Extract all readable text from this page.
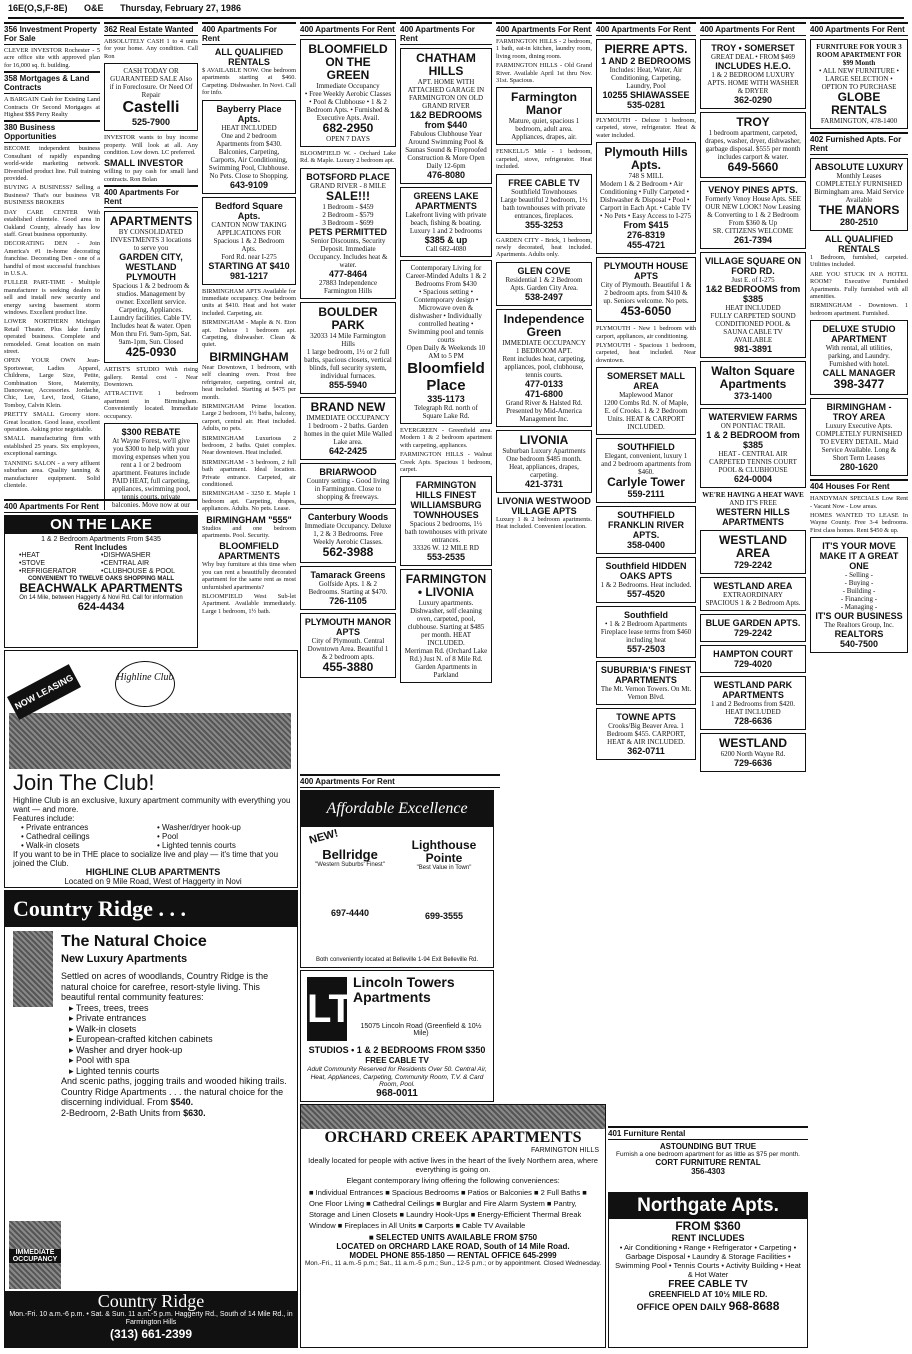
16E(O,S,F-8E) O&E Thursday, February 27, 1986
356 Investment Property For Sale

CLEVER INVESTOR Rochester - 5 acre office site with approved plan for 16,000 sq. ft. building.

358 Mortgages & Land Contracts

A BARGAIN Cash for Existing Land Contracts Or Second Mortgages at Highest $$$ Perry Realty

380 Business Opportunities

BECOME independent business Consultant of rapidly expanding world-wide marketing network. Diversified product line. Full training provided.

BUYING A BUSINESS? Selling a Business? That's our business VR BUSINESS BROKERS

DAY CARE CENTER With established clientele. Good area in Oakland County, already has low staff. Great business opportunity.

DECORATING DEN - Join America's #1 in-home decorating franchise. Decorating Den - one of a handful of most successful franchises in U.S.A.

FULLER PART-TIME - Multiple manufacturer is seeking dealers to sell and install new security and energy saving basement storm windows. Excellent product line.

LOWER NORTHERN Michigan Retail Theater. Plus lake family operated business. Complete and remodeled. Great location on main street.

OPEN YOUR OWN Jean-Sportswear, Ladies Apparel, Childrens, Large Size, Petite, Combination Store, Maternity, Dancewear, Accessories. Jordache, Chic, Lee, Levi, Izod, Gitano, Tomboy, Calvin Klein.

PRETTY SMALL Grocery store. Great location. Good lease, excellent operation. Asking price negotiable.

SMALL manufacturing firm with established 25 years. Six employees, exceptional earnings.

TANNING SALON - a very affluent suburban area. Quality tanning & manufacturer equipment. Solid clientele.

362 Real Estate Wanted

ABSOLUTELY CASH 1 to 4 units for your home. Any condition. Call Ron

CASH TODAY OR GUARANTEED SALE Also if in Foreclosure. Or Need Of Repair
Castelli
525-7900

INVESTOR wants to buy income property. Will look at all. Any condition. Low down. LC preferred.

SMALL INVESTOR

willing to pay cash for small land contracts. Ron Bolan

400 Apartments For Rent
APARTMENTS
BY CONSOLIDATED INVESTMENTS 3 locations to serve you
GARDEN CITY, WESTLAND PLYMOUTH
Spacious 1 & 2 bedroom & studios. Management by owner. Excellent service. Carpeting, Appliances. Laundry facilities. Cable TV. Includes heat & water. Open Mon thru Fri. 9am-5pm, Sat. 9am-1pm, Sun. Closed
425-0930

ARTIST'S STUDIO With rising gallery. Rental cost - Near Downtown.

ATTRACTIVE 1 bedroom apartment in Birmingham. Conveniently located. Immediate occupancy.

$300 REBATE
At Wayne Forest, we'll give you $300 to help with your moving expenses when you rent a 1 or 2 bedroom apartment. Features include PAID HEAT, full carpeting, appliances, swimming pool, tennis courts, private balconies. Move now at our
400 Apartments For Rent
ALL QUALIFIED RENTALS

$ AVAILABLE NOW. One bedroom apartments starting at $460. Carpeting. Dishwasher. In Novi. Call for info.

Bayberry Place Apts.
HEAT INCLUDED
One and 2 bedroom Apartments from $430. Balconies, Carpeting, Carports, Air Conditioning, Swimming Pool, Clubhouse. No Pets. Close to Shopping.
643-9109
Bedford Square Apts.
CANTON NOW TAKING APPLICATIONS FOR Spacious 1 & 2 Bedroom Apts.
Ford Rd. near I-275
STARTING AT $410
981-1217

BIRMINGHAM APTS Available for immediate occupancy. One bedroom units at $410. Heat and hot water included. Carpeting, air.

BIRMINGHAM - Maple & N. Eton apt. Deluxe 1 bedroom apt. Carpeting, dishwasher. Clean & quiet.

BIRMINGHAM

Near Downtown, 1 bedroom, with self cleaning oven. Frost free refrigerator, carpeting, central air, heat included. Starting at $475 per month.

BIRMINGHAM Prime location. Large 2 bedroom, 1½ baths, balcony, carport, central air. Heat included. Adults, no pets.

BIRMINGHAM Luxurious 2 bedroom, 2 baths. Quiet complex. Near downtown. Heat included.

BIRMINGHAM - 3 bedroom, 2 full bath apartment. Ideal location. Private entrance. Carpeted, air conditioned.

BIRMINGHAM - 3250 E. Maple 1 bedroom apt. Carpeting, drapes, appliances. Adults. No pets. Lease.

BIRMINGHAM "555"

Studios and one bedroom apartments. Pool. Security.

BLOOMFIELD APARTMENTS

Why buy furniture at this time when you can rent a beautifully decorated apartment for the same rent as most unfurnished apartments?

BLOOMFIELD West Sub-let Apartment. Available immediately. Large 1 bedroom, 1½ bath.

400 Apartments For Rent
BLOOMFIELD ON THE GREEN
Immediate Occupancy
• Free Weekly Aerobic Classes • Pool & Clubhouse • 1 & 2 Bedroom Apts. • Furnished & Executive Apts. Avail.
682-2950
OPEN 7 DAYS

BLOOMFIELD W. - Orchard Lake Rd. & Maple. Luxury 2 bedroom apt.

BOTSFORD PLACE
GRAND RIVER - 8 MILE
SALE!!!
1 Bedroom - $459
2 Bedroom - $579
3 Bedroom - $699
PETS PERMITTED
Senior Discounts, Security Deposit. Immediate Occupancy. Includes heat & water.
477-8464
27883 Independence Farmington Hills
BOULDER PARK
32033 14 Mile Farmington Hills
1 large bedroom, 1½ or 2 full baths, spacious closets, vertical blinds, full security system, individual furnaces.
855-5940
BRAND NEW
IMMEDIATE OCCUPANCY
1 bedroom - 2 baths. Garden homes in the quiet Mile Walled Lake area.
642-2425
BRIARWOOD
Country setting - Good living in Farmington. Close to shopping & freeways.
Canterbury Woods
Immediate Occupancy. Deluxe 1, 2 & 3 Bedrooms. Free Weekly Aerobic Classes.
562-3988
Tamarack Greens
Golfside Apts. 1 & 2 Bedrooms. Starting at $470.
726-1105
PLYMOUTH MANOR APTS
City of Plymouth. Central Downtown Area. Beautiful 1 & 2 bedroom apts.
455-3880
400 Apartments For Rent
CHATHAM HILLS
APT. HOME WITH ATTACHED GARAGE IN FARMINGTON ON OLD GRAND RIVER
1&2 BEDROOMS from $440
Fabulous Clubhouse Year Around Swimming Pool & Saunas Sound & Fireproofed Construction & More Open Daily 12-6pm
476-8080
GREENS LAKE APARTMENTS
Lakefront living with private beach, fishing & boating. Luxury 1 and 2 bedrooms
$385 & up
Call 682-4080
Contemporary Living for Career-Minded Adults 1 & 2 Bedrooms From $430
• Spacious setting • Contemporary design • Microwave oven & dishwasher • Individually controlled heating • Swimming pool and tennis courts
Open Daily & Weekends 10 AM to 5 PM
Bloomfield Place
335-1173
Telegraph Rd. north of Square Lake Rd.

EVERGREEN - Greenfield area. Modern 1 & 2 bedroom apartment with carpeting, appliances.

FARMINGTON HILLS - Walnut Creek Apts. Spacious 1 bedroom, carpet.

FARMINGTON HILLS FINEST WILLIAMSBURG TOWNHOUSES
Spacious 2 bedrooms, 1½ bath townhouses with private entrances.
33326 W. 12 MILE RD
553-2535
FARMINGTON • LIVONIA
Luxury apartments. Dishwasher, self cleaning oven, carpeted, pool, clubhouse. Starting at $485 per month. HEAT INCLUDED.
Merriman Rd. (Orchard Lake Rd.) Just N. of 8 Mile Rd.
Garden Apartments in Parkland
400 Apartments For Rent

FARMINGTON HILLS - 2 bedroom, 1 bath, eat-in kitchen, laundry room, living room, dining room.

FARMINGTON HILLS - Old Grand River. Available April 1st thru Nov. 31st. Spacious.

Farmington Manor
Mature, quiet, spacious 1 bedroom, adult area. Appliances, drapes, air.

FENKELL/5 Mile - 1 bedroom, carpeted, stove, refrigerator. Heat included.

FREE CABLE TV
Southfield Townhouses
Large beautiful 2 bedroom, 1½ bath townhouses with private entrances, fireplaces.
355-3253

GARDEN CITY - Brick, 1 bedroom, newly decorated, heat included. Apartments. Adults only.

GLEN COVE
Residential 1 & 2 Bedroom Apts. Garden City Area.
538-2497
Independence Green
IMMEDIATE OCCUPANCY 1 BEDROOM APT.
Rent includes heat, carpeting, appliances, pool, clubhouse, tennis courts.
477-0133
471-6800
Grand River & Halsted Rd. Presented by Mid-America Management Inc.
LIVONIA
Suburban Luxury Apartments
One bedroom $485 month. Heat, appliances, drapes, carpeting.
421-3731
LIVONIA WESTWOOD VILLAGE APTS

Luxury 1 & 2 bedroom apartments. Heat included. Convenient location.

400 Apartments For Rent
PIERRE APTS.
1 AND 2 BEDROOMS
Includes: Heat, Water, Air Conditioning, Carpeting, Laundry, Pool
10255 SHIAWASSEE
535-0281

PLYMOUTH - Deluxe 1 bedroom, carpeted, stove, refrigerator. Heat & water included.

Plymouth Hills Apts.
748 S MILL
Modern 1 & 2 Bedroom • Air Conditioning • Fully Carpeted • Dishwasher & Disposal • Pool • Carport in Each Apt. • Cable TV • No Pets • Easy Access to I-275
From $415
276-8319
455-4721
PLYMOUTH HOUSE APTS
City of Plymouth. Beautiful 1 & 2 bedroom apts. from $410 & up. Seniors welcome. No pets.
453-6050

PLYMOUTH - New 1 bedroom with carport, appliances, air conditioning.

PLYMOUTH - Spacious 1 bedroom, carpeted, heat included. Near downtown.

SOMERSET MALL AREA
Maplewood Manor
1200 Combs Rd. N. of Maple, E. of Crooks. 1 & 2 Bedroom Units. HEAT & CARPORT INCLUDED.
SOUTHFIELD
Elegant, convenient, luxury 1 and 2 bedroom apartments from $460.
Carlyle Tower
559-2111
SOUTHFIELD FRANKLIN RIVER APTS.
358-0400
Southfield HIDDEN OAKS APTS
1 & 2 Bedrooms. Heat included.
557-4520
Southfield
• 1 & 2 Bedroom Apartments Fireplace lease terms from $460 including heat
557-2503
SUBURBIA'S FINEST APARTMENTS
The Mt. Vernon Towers. On Mt. Vernon Blvd.
TOWNE APTS
Crooks/Big Beaver Area. 1 Bedroom $455. CARPORT, HEAT & AIR INCLUDED.
362-0711
400 Apartments For Rent
TROY • SOMERSET
GREAT DEAL • FROM $469
INCLUDES H.E.O.
1 & 2 BEDROOM LUXURY APTS. HOME WITH WASHER & DRYER
362-0290
TROY
1 bedroom apartment, carpeted, drapes, washer, dryer, dishwasher, garbage disposal. $555 per month includes carport & water.
649-5660
VENOY PINES APTS.
Formerly Venoy House Apts. SEE OUR NEW LOOK! Now Leasing & Converting to 1 & 2 Bedroom From $360 & Up
SR. CITIZENS WELCOME
261-7394
VILLAGE SQUARE ON FORD RD.
Just E. of I-275
1&2 BEDROOMS from $385
HEAT INCLUDED
FULLY CARPETED SOUND CONDITIONED POOL & SAUNA CABLE TV AVAILABLE
981-3891
Walton Square Apartments
373-1400
WATERVIEW FARMS
ON PONTIAC TRAIL
1 & 2 BEDROOM from $385
HEAT - CENTRAL AIR CARPETED TENNIS COURT POOL & CLUBHOUSE
624-0004
WE'RE HAVING A HEAT WAVE
AND IT'S FREE
WESTERN HILLS APARTMENTS
WESTLAND AREA
729-2242
WESTLAND AREA
EXTRAORDINARY
SPACIOUS 1 & 2 Bedroom Apts.
BLUE GARDEN APTS.
729-2242
HAMPTON COURT
729-4020
WESTLAND PARK APARTMENTS
1 and 2 Bedrooms from $420. HEAT INCLUDED
728-6636
WESTLAND
6200 North Wayne Rd.
729-6636
400 Apartments For Rent
FURNITURE FOR YOUR 3 ROOM APARTMENT FOR $99 Month
• ALL NEW FURNITURE • LARGE SELECTION • OPTION TO PURCHASE
GLOBE RENTALS
FARMINGTON, 478-1400
402 Furnished Apts. For Rent
ABSOLUTE LUXURY
Monthly Leases COMPLETELY FURNISHED Birmingham area. Maid Service Available
THE MANORS
280-2510
ALL QUALIFIED RENTALS

1 Bedroom, furnished, carpeted. Utilities included.

ARE YOU STUCK IN A HOTEL ROOM? Executive Furnished Apartments. Fully furnished with all amenities.

BIRMINGHAM - Downtown. 1 bedroom apartment. Furnished.

DELUXE STUDIO APARTMENT
With rental, all utilities, parking, and Laundry. Furnished with hotel.
CALL MANAGER
398-3477
BIRMINGHAM - TROY AREA
Luxury Executive Apts. COMPLETELY FURNISHED TO EVERY DETAIL. Maid Service Available. Long & Short Term Leases
280-1620
404 Houses For Rent

HANDYMAN SPECIALS Low Rent - Vacant Now - Low areas.

HOMES WANTED TO LEASE In Wayne County. Free 3-4 bedrooms. First class homes. Rent $450 & up.

IT'S YOUR MOVE MAKE IT A GREAT ONE
- Selling -
- Buying -
- Building -
- Financing -
- Managing -
IT'S OUR BUSINESS
The Realtors Group, Inc.
REALTORS
540-7500
400 Apartments For Rent
ON THE LAKE
1 & 2 Bedroom Apartments From $435
Rent Includes
•HEAT	•DISHWASHER
•STOVE	•CENTRAL AIR
•REFRIGERATOR	•CLUBHOUSE & POOL
CONVENIENT TO TWELVE OAKS SHOPPING MALL
BEACHWALK APARTMENTS
On 14 Mile, between Haggerty & Novi Rd. Call for information
624-4434
Highline Club
NOW LEASING
Join The Club!
Highline Club is an exclusive, luxury apartment community with everything you want — and more.
Features include:
• Private entrances	• Washer/dryer hook-up
• Cathedral ceilings	• Pool
• Walk-in closets	• Lighted tennis courts
If you want to be in THE place to socialize live and play — it's time that you joined the Club.
HIGHLINE CLUB APARTMENTS
Located on 9 Mile Road, West of Haggerty in Novi
Country Ridge . . .
The Natural Choice
New Luxury Apartments
Settled on acres of woodlands, Country Ridge is the natural choice for carefree, resort-style living. This beautiful rental community features:
▸ Trees, trees, trees
▸ Private entrances
▸ Walk-in closets
▸ European-crafted kitchen cabinets
▸ Washer and dryer hook-up
▸ Pool with spa
▸ Lighted tennis courts
And scenic paths, jogging trails and wooded hiking trails. Country Ridge Apartments . . . the natural choice for the discerning individual. From $540.
2-Bedroom, 2-Bath Units from $630.
IMMEDIATE OCCUPANCY
Country Ridge
Mon.-Fri. 10 a.m.-6 p.m. • Sat. & Sun. 11 a.m.-5 p.m. Haggerty Rd., South of 14 Mile Rd., in Farmington Hills
(313) 661-2399
400 Apartments For Rent
Affordable Excellence
NEW!
Bellridge
"Western Suburbs' Finest"
697-4440
Lighthouse Pointe
"Best Value in Town"
699-3555
Both conveniently located at Belleville 1-94 Exit Belleville Rd.
LT
Lincoln Towers Apartments
15075 Lincoln Road (Greenfield & 10½ Mile)
STUDIOS • 1 & 2 BEDROOMS FROM $350
FREE CABLE TV
Adult Community Reserved for Residents Over 50. Central Air, Heat, Appliances, Carpeting, Community Room, T.V. & Card Room, Pool.
968-0011
ORCHARD CREEK APARTMENTS
FARMINGTON HILLS
Ideally located for people with active lives in the heart of the lively Northern area, where everything is going on.
Elegant contemporary living offering the following conveniences:
■ Individual Entrances ■ Spacious Bedrooms ■ Patios or Balconies ■ 2 Full Baths ■ One Floor Living ■ Cathedral Ceilings ■ Burglar and Fire Alarm System ■ Pantry, Storage and Linen Closets ■ Laundry Hook-Ups ■ Energy-Efficient Thermal Break Window ■ Fireplaces in All Units ■ Carports ■ Cable TV Available
■ SELECTED UNITS AVAILABLE FROM $750
LOCATED on ORCHARD LAKE ROAD, South of 14 Mile Road.
MODEL PHONE 855-1850 — RENTAL OFFICE 645-2999
Mon.-Fri., 11 a.m.-5 p.m.; Sat., 11 a.m.-5 p.m.; Sun., 12-5 p.m.; or by appointment. Closed Wednesday.
401 Furniture Rental
ASTOUNDING BUT TRUE
Furnish a one bedroom apartment for as little as $75 per month.
CORT FURNITURE RENTAL
356-4303
Northgate Apts.
FROM $360
RENT INCLUDES
• Air Conditioning • Range • Refrigerator • Carpeting • Garbage Disposal • Laundry & Storage Facilities • Swimming Pool • Tennis Courts • Activity Building • Heat & Hot Water
FREE CABLE TV
GREENFIELD AT 10½ MILE RD.
OFFICE OPEN DAILY 968-8688
